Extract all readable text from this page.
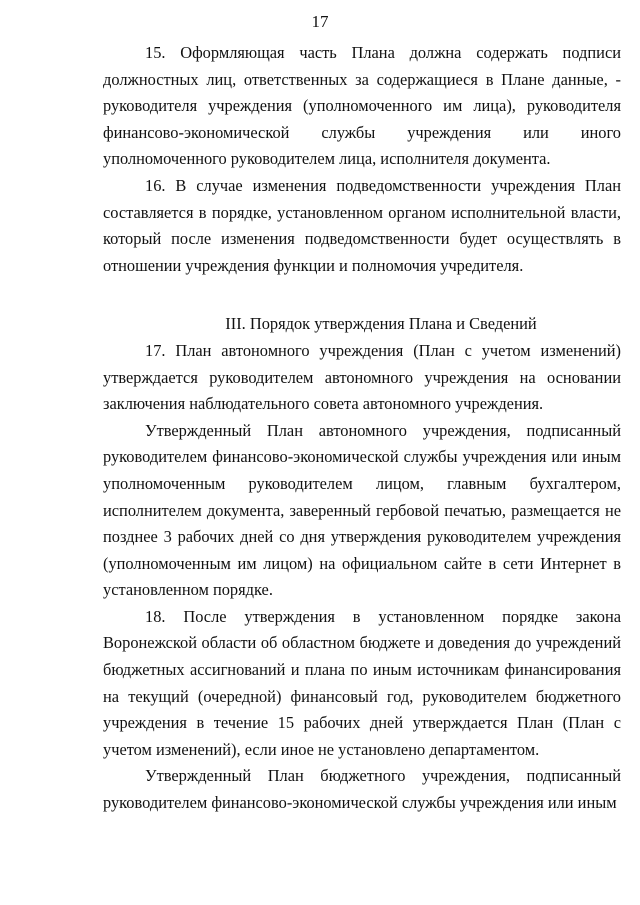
17

15. Оформляющая часть Плана должна содержать подписи должностных лиц, ответственных за содержащиеся в Плане данные, - руководителя учреждения (уполномоченного им лица), руководителя финансово-экономической службы учреждения или иного уполномоченного руководителем лица, исполнителя документа.

16. В случае изменения подведомственности учреждения План составляется в порядке, установленном органом исполнительной власти, который после изменения подведомственности будет осуществлять в отношении учреждения функции и полномочия учредителя.

III. Порядок утверждения Плана и Сведений

17. План автономного учреждения (План с учетом изменений) утверждается руководителем автономного учреждения на основании заключения наблюдательного совета автономного учреждения.

Утвержденный План автономного учреждения, подписанный руководителем финансово-экономической службы учреждения или иным уполномоченным руководителем лицом, главным бухгалтером, исполнителем документа, заверенный гербовой печатью, размещается не позднее 3 рабочих дней со дня утверждения руководителем учреждения (уполномоченным им лицом) на официальном сайте в сети Интернет в установленном порядке.

18. После утверждения в установленном порядке закона Воронежской области об областном бюджете и доведения до учреждений бюджетных ассигнований и плана по иным источникам финансирования на текущий (очередной) финансовый год, руководителем бюджетного учреждения в течение 15 рабочих дней утверждается План (План с учетом изменений), если иное не установлено департаментом.

Утвержденный План бюджетного учреждения, подписанный руководителем финансово-экономической службы учреждения или иным
